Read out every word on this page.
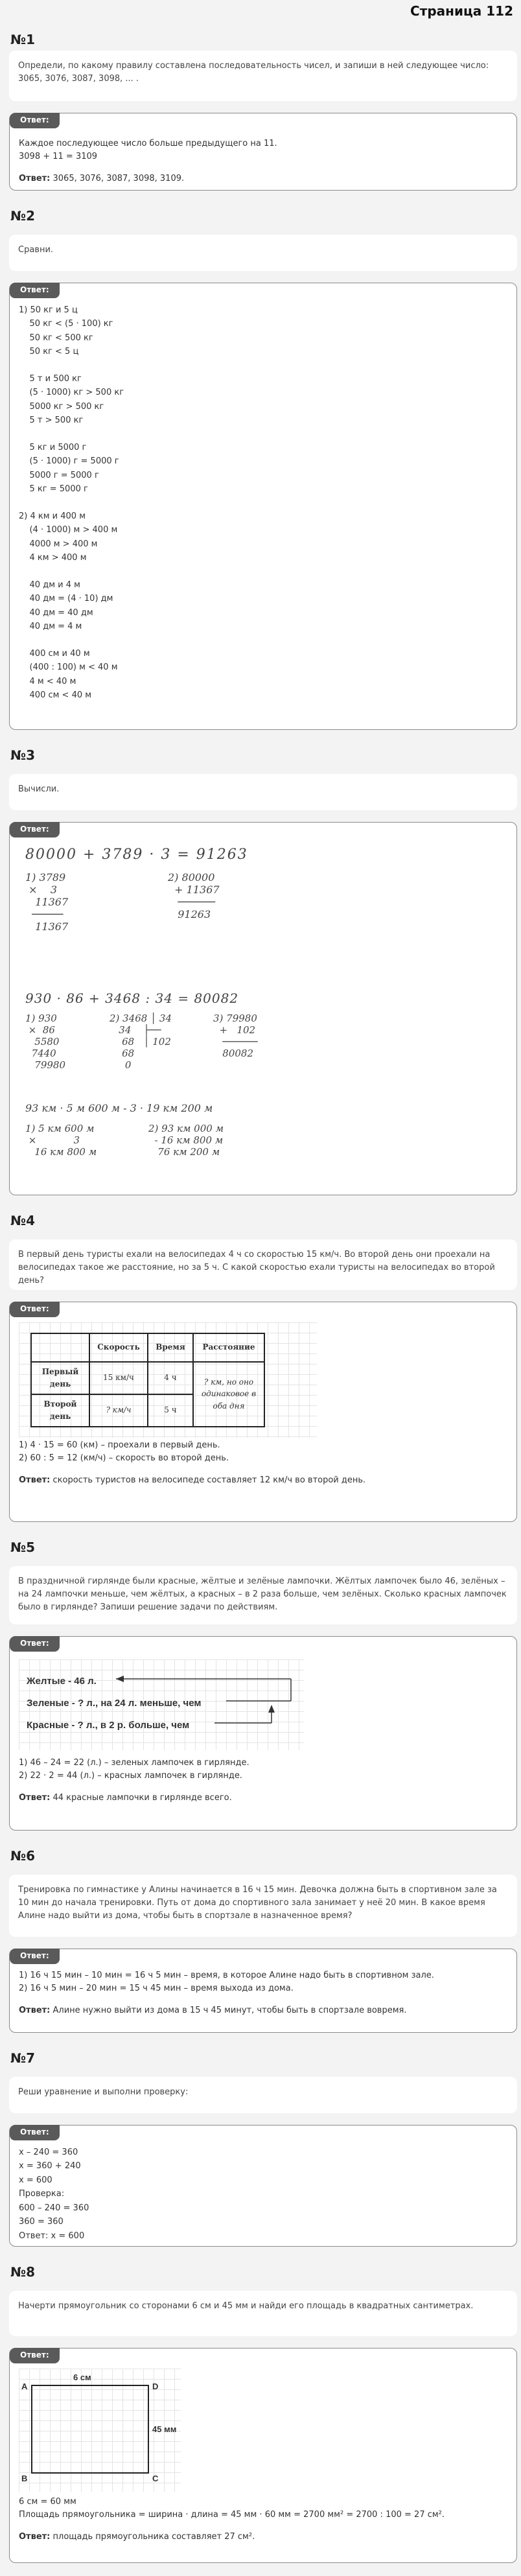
Страница 112
№1
Определи, по какому правилу составлена последовательность чисел, и запиши в ней следующее число: 3065, 3076, 3087, 3098, ... .
Ответ:
Каждое последующее число больше предыдущего на 11.
3098 + 11 = 3109
Ответ: 3065, 3076, 3087, 3098, 3109.
№2
Сравни.
Ответ:
1) 50 кг и 5 ц
50 кг < (5 · 100) кг
50 кг < 500 кг
50 кг < 5 ц
5 т и 500 кг
(5 · 1000) кг > 500 кг
5000 кг > 500 кг
5 т > 500 кг
5 кг и 5000 г
(5 · 1000) г = 5000 г
5000 г = 5000 г
5 кг = 5000 г
2) 4 км и 400 м
(4 · 1000) м > 400 м
4000 м > 400 м
4 км > 400 м
40 дм и 4 м
40 дм = (4 · 10) дм
40 дм = 40 дм
40 дм = 4 м
400 см и 40 м
(400 : 100) м < 40 м
4 м < 40 м
400 см < 40 м
№3
Вычисли.
Ответ:
80000 + 3789 · 3 = 91263
1) 3789
×    3
11367
─────
11367
2) 80000
+ 11367
──────
91263
930 · 86 + 3468 : 34 = 80082
1) 930
×  86
5580
7440
79980
2) 3468 │ 34
34    ├──
68   │ 102
68
0
3) 79980
+   102
──────
80082
93 км · 5 м 600 м - 3 · 19 км 200 м
1) 5 км 600 м
×            3
16 км 800 м
2) 93 км 000 м
- 16 км 800 м
76 км 200 м
№4
В первый день туристы ехали на велосипедах 4 ч со скоростью 15 км/ч. Во второй день они проехали на велосипедах такое же расстояние, но за 5 ч. С какой скоростью ехали туристы на велосипедах во второй день?
Ответ:
	Скорость	Время	Расстояние
Первый день	15 км/ч	4 ч	? км, но оно одинаковое в оба дня
Второй день	? км/ч	5 ч	
1) 4 · 15 = 60 (км) – проехали в первый день.
2) 60 : 5 = 12 (км/ч) – скорость во второй день.
Ответ: скорость туристов на велосипеде составляет 12 км/ч во второй день.
№5
В праздничной гирлянде были красные, жёлтые и зелёные лампочки. Жёлтых лампочек было 46, зелёных – на 24 лампочки меньше, чем жёлтых, а красных – в 2 раза больше, чем зелёных. Сколько красных лампочек было в гирлянде? Запиши решение задачи по действиям.
Ответ:
Желтые - 46 л.
Зеленые - ? л., на 24 л. меньше, чем
Красные - ? л., в 2 р. больше, чем
1) 46 – 24 = 22 (л.) – зеленых лампочек в гирлянде.
2) 22 · 2 = 44 (л.) – красных лампочек в гирлянде.
Ответ: 44 красные лампочки в гирлянде всего.
№6
Тренировка по гимнастике у Алины начинается в 16 ч 15 мин. Девочка должна быть в спортивном зале за 10 мин до начала тренировки. Путь от дома до спортивного зала занимает у неё 20 мин. В какое время Алине надо выйти из дома, чтобы быть в спортзале в назначенное время?
Ответ:
1) 16 ч 15 мин – 10 мин = 16 ч 5 мин – время, в которое Алине надо быть в спортивном зале.
2) 16 ч 5 мин – 20 мин = 15 ч 45 мин – время выхода из дома.
Ответ: Алине нужно выйти из дома в 15 ч 45 минут, чтобы быть в спортзале вовремя.
№7
Реши уравнение и выполни проверку:
Ответ:
x – 240 = 360
x = 360 + 240
x = 600
Проверка:
600 – 240 = 360
360 = 360
Ответ: x = 600
№8
Начерти прямоугольник со сторонами 6 см и 45 мм и найди его площадь в квадратных сантиметрах.
Ответ:
A	D
B	C
6 см
45 мм
6 см = 60 мм
Площадь прямоугольника = ширина · длина = 45 мм · 60 мм = 2700 мм² = 2700 : 100 = 27 см².
Ответ: площадь прямоугольника составляет 27 см².
